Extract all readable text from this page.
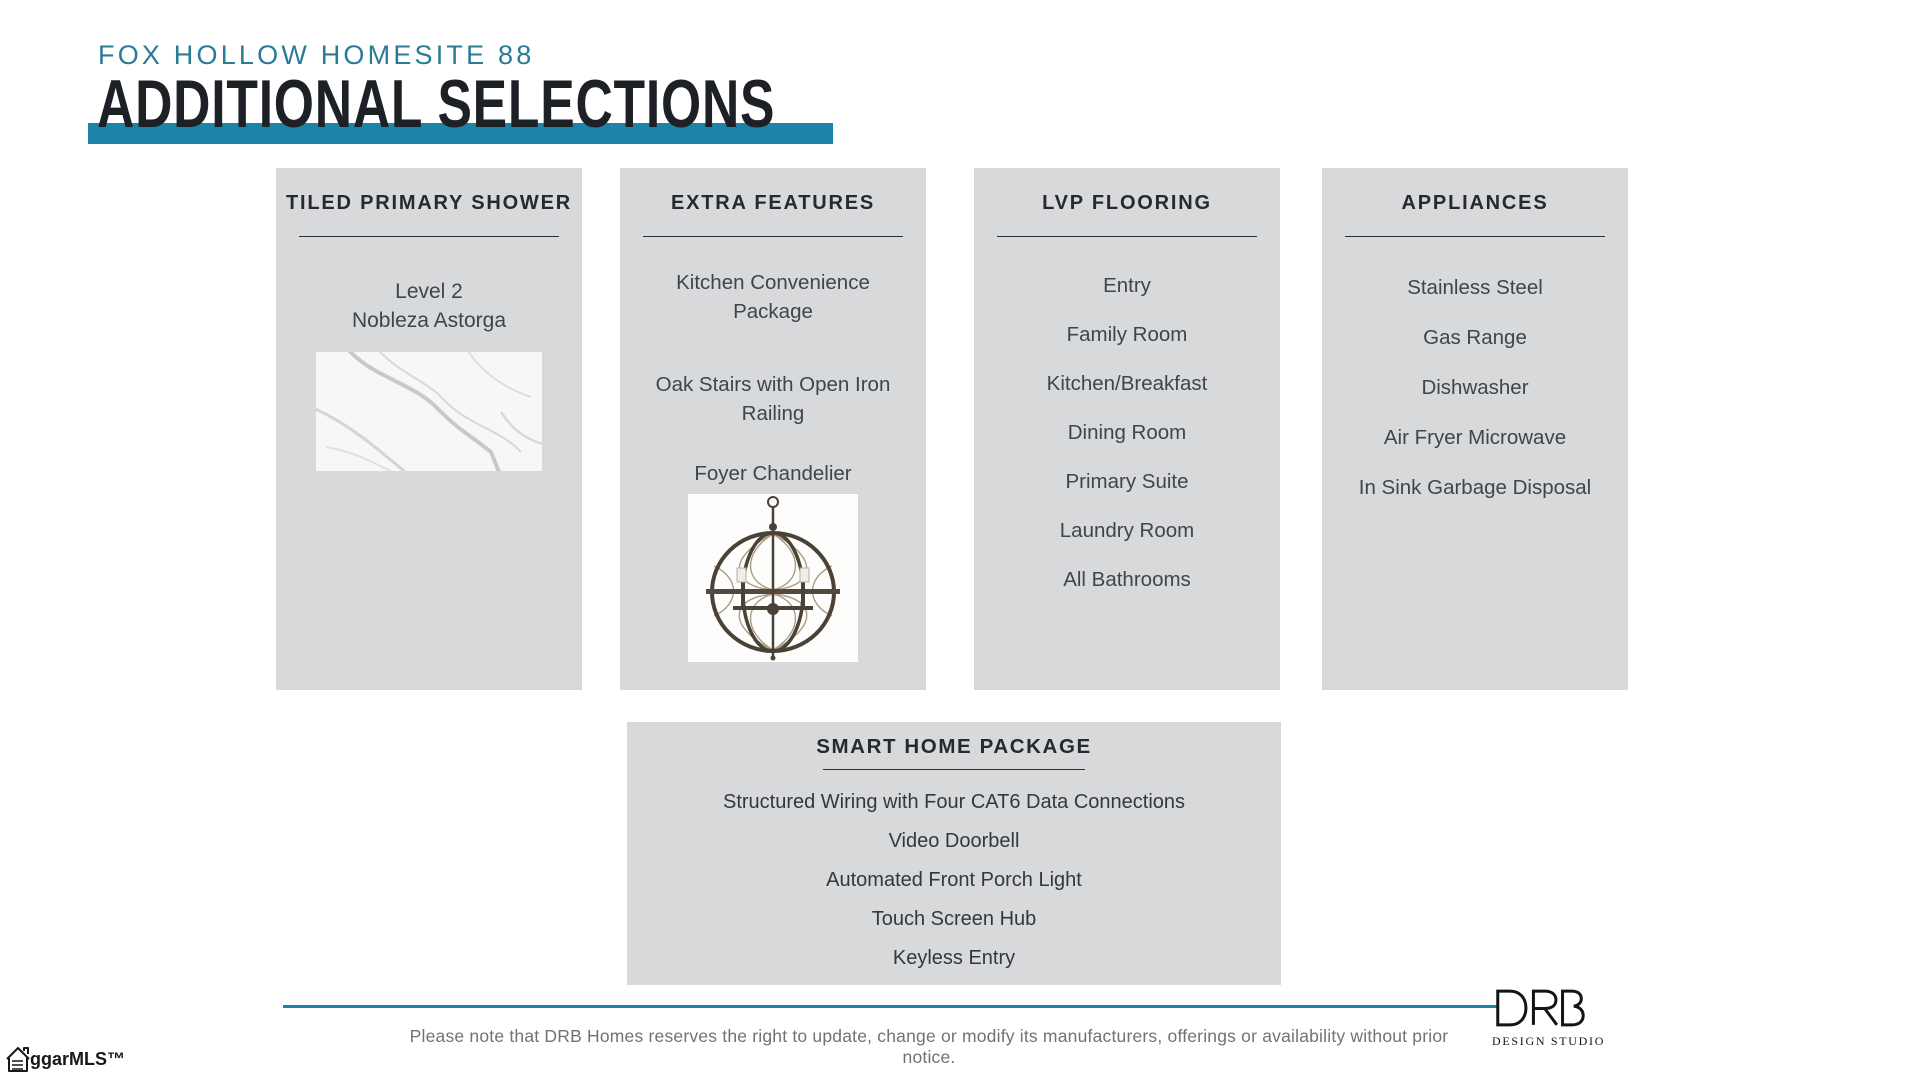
FOX HOLLOW HOMESITE 88
ADDITIONAL SELECTIONS
TILED PRIMARY SHOWER
Level 2
Nobleza Astorga
EXTRA FEATURES
Kitchen Convenience Package
Oak Stairs with Open Iron Railing
Foyer Chandelier
LVP FLOORING
Entry
Family Room
Kitchen/Breakfast
Dining Room
Primary Suite
Laundry Room
All Bathrooms
APPLIANCES
Stainless Steel
Gas Range
Dishwasher
Air Fryer Microwave
In Sink Garbage Disposal
SMART HOME PACKAGE
Structured Wiring with Four CAT6 Data Connections
Video Doorbell
Automated Front Porch Light
Touch Screen Hub
Keyless Entry
Please note that DRB Homes reserves the right to update, change or modify its manufacturers, offerings or availability without prior notice.
DESIGN STUDIO
ggarMLS™
